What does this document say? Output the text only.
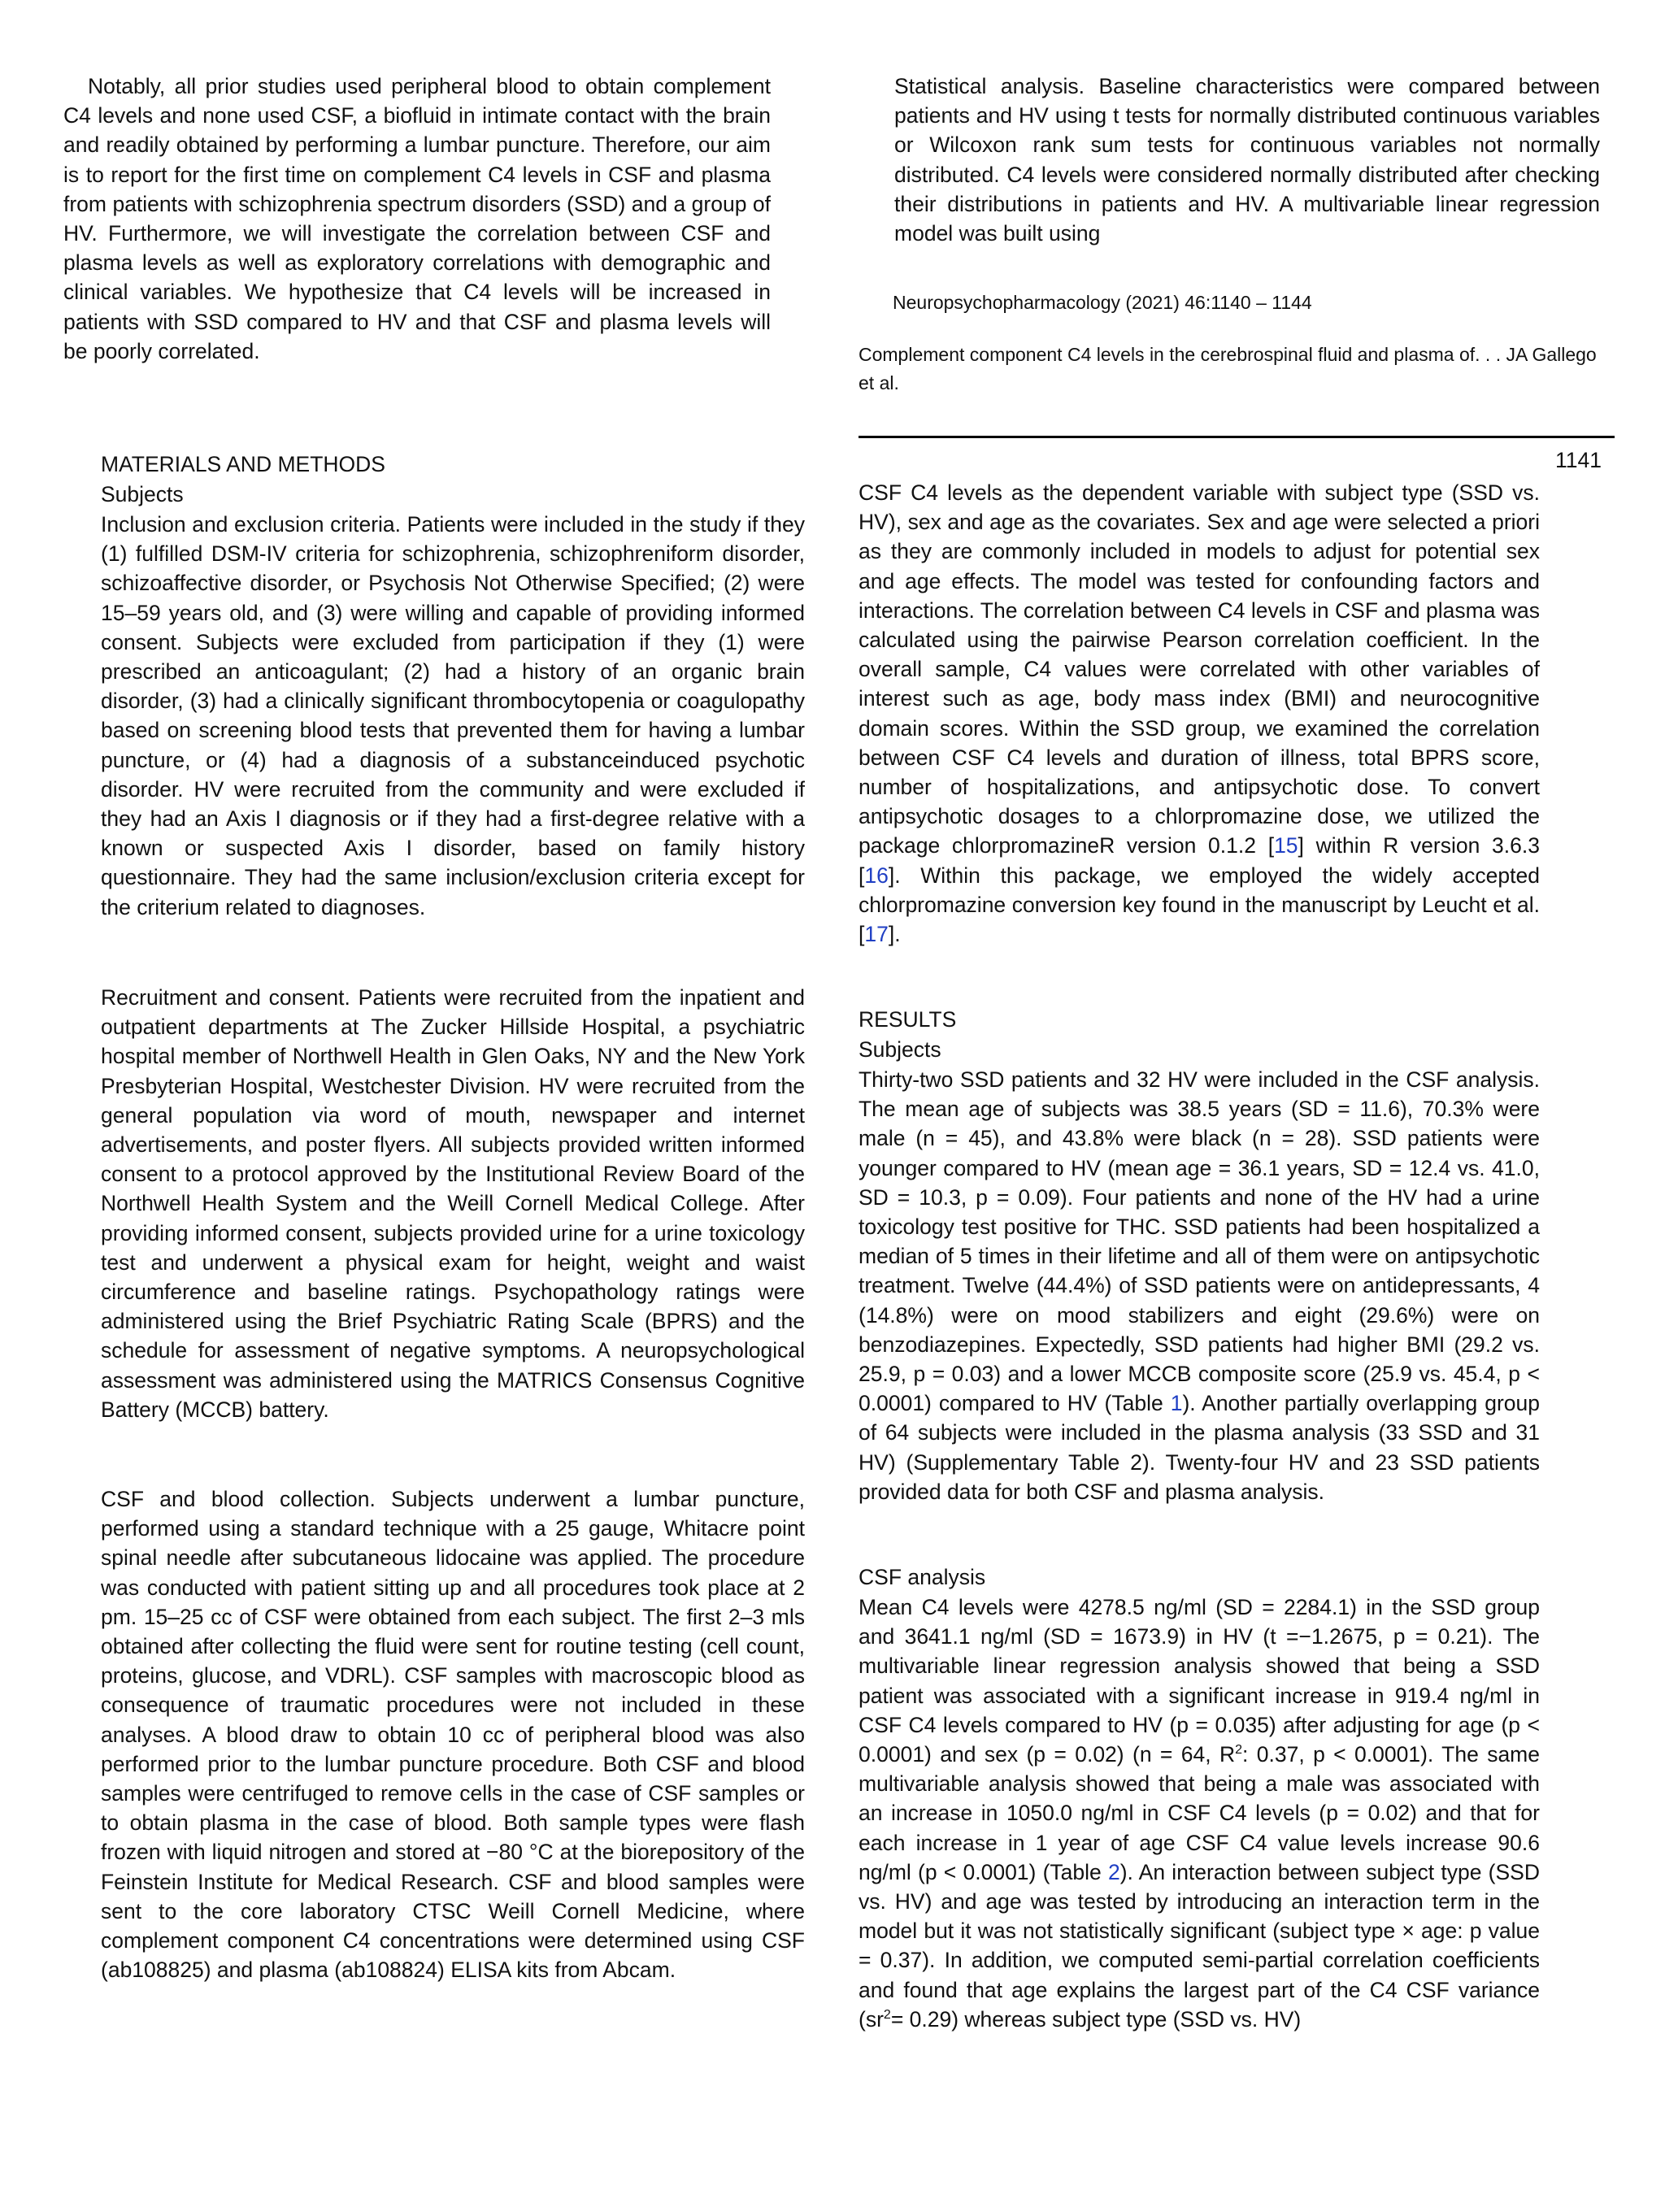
Notably, all prior studies used peripheral blood to obtain complement C4 levels and none used CSF, a biofluid in intimate contact with the brain and readily obtained by performing a lumbar puncture. Therefore, our aim is to report for the first time on complement C4 levels in CSF and plasma from patients with schizophrenia spectrum disorders (SSD) and a group of HV. Furthermore, we will investigate the correlation between CSF and plasma levels as well as exploratory correlations with demographic and clinical variables. We hypothesize that C4 levels will be increased in patients with SSD compared to HV and that CSF and plasma levels will be poorly correlated.

MATERIALS AND METHODS

Subjects

Inclusion and exclusion criteria. Patients were included in the study if they (1) fulfilled DSM-IV criteria for schizophrenia, schizophreniform disorder, schizoaffective disorder, or Psychosis Not Otherwise Specified; (2) were 15–59 years old, and (3) were willing and capable of providing informed consent. Subjects were excluded from participation if they (1) were prescribed an anticoagulant; (2) had a history of an organic brain disorder, (3) had a clinically significant thrombocytopenia or coagulopathy based on screening blood tests that prevented them for having a lumbar puncture, or (4) had a diagnosis of a substanceinduced psychotic disorder. HV were recruited from the community and were excluded if they had an Axis I diagnosis or if they had a first-degree relative with a known or suspected Axis I disorder, based on family history questionnaire. They had the same inclusion/exclusion criteria except for the criterium related to diagnoses.

Recruitment and consent. Patients were recruited from the inpatient and outpatient departments at The Zucker Hillside Hospital, a psychiatric hospital member of Northwell Health in Glen Oaks, NY and the New York Presbyterian Hospital, Westchester Division. HV were recruited from the general population via word of mouth, newspaper and internet advertisements, and poster flyers. All subjects provided written informed consent to a protocol approved by the Institutional Review Board of the Northwell Health System and the Weill Cornell Medical College. After providing informed consent, subjects provided urine for a urine toxicology test and underwent a physical exam for height, weight and waist circumference and baseline ratings. Psychopathology ratings were administered using the Brief Psychiatric Rating Scale (BPRS) and the schedule for assessment of negative symptoms. A neuropsychological assessment was administered using the MATRICS Consensus Cognitive Battery (MCCB) battery.

CSF and blood collection. Subjects underwent a lumbar puncture, performed using a standard technique with a 25 gauge, Whitacre point spinal needle after subcutaneous lidocaine was applied. The procedure was conducted with patient sitting up and all procedures took place at 2 pm. 15–25 cc of CSF were obtained from each subject. The first 2–3 mls obtained after collecting the fluid were sent for routine testing (cell count, proteins, glucose, and VDRL). CSF samples with macroscopic blood as consequence of traumatic procedures were not included in these analyses. A blood draw to obtain 10 cc of peripheral blood was also performed prior to the lumbar puncture procedure. Both CSF and blood samples were centrifuged to remove cells in the case of CSF samples or to obtain plasma in the case of blood. Both sample types were flash frozen with liquid nitrogen and stored at −80 °C at the biorepository of the Feinstein Institute for Medical Research. CSF and blood samples were sent to the core laboratory CTSC Weill Cornell Medicine, where complement component C4 concentrations were determined using CSF (ab108825) and plasma (ab108824) ELISA kits from Abcam.

Statistical analysis. Baseline characteristics were compared between patients and HV using t tests for normally distributed continuous variables or Wilcoxon rank sum tests for continuous variables not normally distributed. C4 levels were considered normally distributed after checking their distributions in patients and HV. A multivariable linear regression model was built using

Neuropsychopharmacology (2021) 46:1140 – 1144

Complement component C4 levels in the cerebrospinal fluid and plasma of. . . JA Gallego et al.

1141

CSF C4 levels as the dependent variable with subject type (SSD vs. HV), sex and age as the covariates. Sex and age were selected a priori as they are commonly included in models to adjust for potential sex and age effects. The model was tested for confounding factors and interactions. The correlation between C4 levels in CSF and plasma was calculated using the pairwise Pearson correlation coefficient. In the overall sample, C4 values were correlated with other variables of interest such as age, body mass index (BMI) and neurocognitive domain scores. Within the SSD group, we examined the correlation between CSF C4 levels and duration of illness, total BPRS score, number of hospitalizations, and antipsychotic dose. To convert antipsychotic dosages to a chlorpromazine dose, we utilized the package chlorpromazineR version 0.1.2 [15] within R version 3.6.3 [16]. Within this package, we employed the widely accepted chlorpromazine conversion key found in the manuscript by Leucht et al. [17].

RESULTS

Subjects

Thirty-two SSD patients and 32 HV were included in the CSF analysis. The mean age of subjects was 38.5 years (SD = 11.6), 70.3% were male (n = 45), and 43.8% were black (n = 28). SSD patients were younger compared to HV (mean age = 36.1 years, SD = 12.4 vs. 41.0, SD = 10.3, p = 0.09). Four patients and none of the HV had a urine toxicology test positive for THC. SSD patients had been hospitalized a median of 5 times in their lifetime and all of them were on antipsychotic treatment. Twelve (44.4%) of SSD patients were on antidepressants, 4 (14.8%) were on mood stabilizers and eight (29.6%) were on benzodiazepines. Expectedly, SSD patients had higher BMI (29.2 vs. 25.9, p = 0.03) and a lower MCCB composite score (25.9 vs. 45.4, p < 0.0001) compared to HV (Table 1). Another partially overlapping group of 64 subjects were included in the plasma analysis (33 SSD and 31 HV) (Supplementary Table 2). Twenty-four HV and 23 SSD patients provided data for both CSF and plasma analysis.

CSF analysis

Mean C4 levels were 4278.5 ng/ml (SD = 2284.1) in the SSD group and 3641.1 ng/ml (SD = 1673.9) in HV (t =−1.2675, p = 0.21). The multivariable linear regression analysis showed that being a SSD patient was associated with a significant increase in 919.4 ng/ml in CSF C4 levels compared to HV (p = 0.035) after adjusting for age (p < 0.0001) and sex (p = 0.02) (n = 64, $R^2$: 0.37, p < 0.0001). The same multivariable analysis showed that being a male was associated with an increase in 1050.0 ng/ml in CSF C4 levels (p = 0.02) and that for each increase in 1 year of age CSF C4 value levels increase 90.6 ng/ml (p < 0.0001) (Table 2). An interaction between subject type (SSD vs. HV) and age was tested by introducing an interaction term in the model but it was not statistically significant (subject type × age: p value = 0.37). In addition, we computed semi-partial correlation coefficients and found that age explains the largest part of the C4 CSF variance $(sr^2= 0.29)$ whereas subject type (SSD vs. HV)
